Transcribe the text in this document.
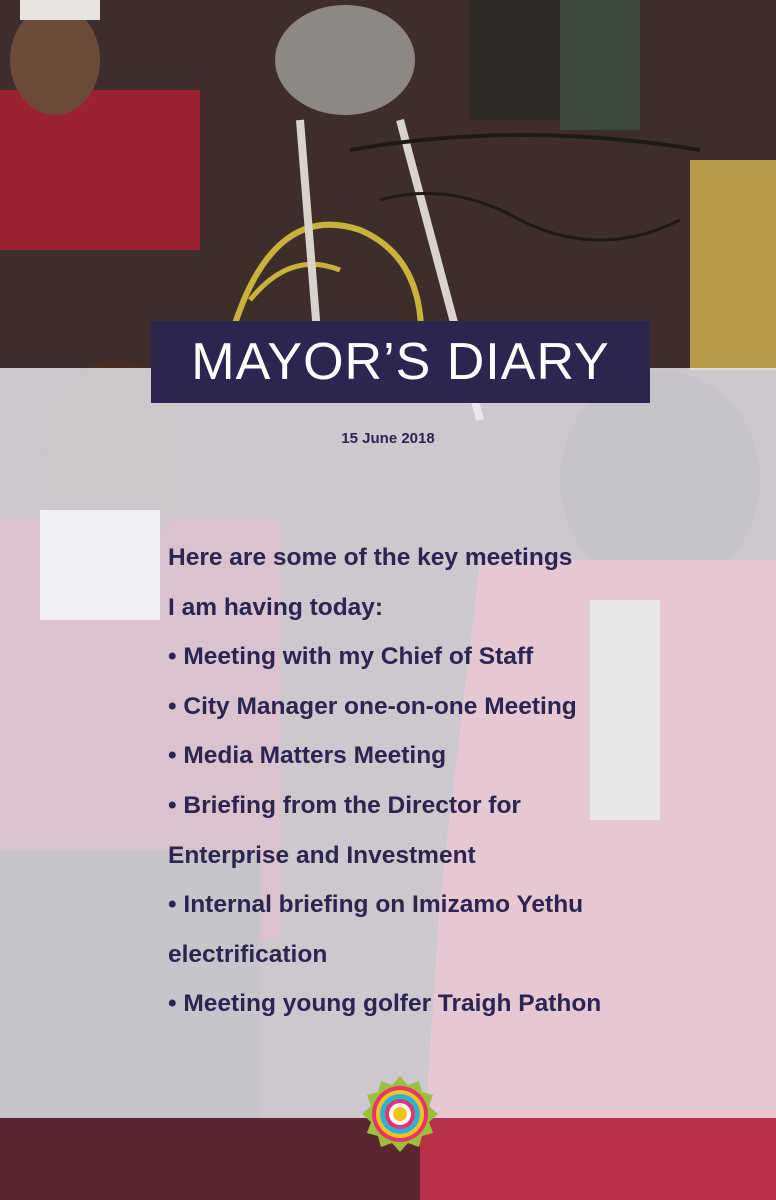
MAYOR’S DIARY
15 June 2018
Here are some of the key meetings
I am having today:
• Meeting with my Chief of Staff
• City Manager one-on-one Meeting
• Media Matters Meeting
• Briefing from the Director for
Enterprise and Investment
• Internal briefing on Imizamo Yethu
electrification
• Meeting young golfer Traigh Pathon
